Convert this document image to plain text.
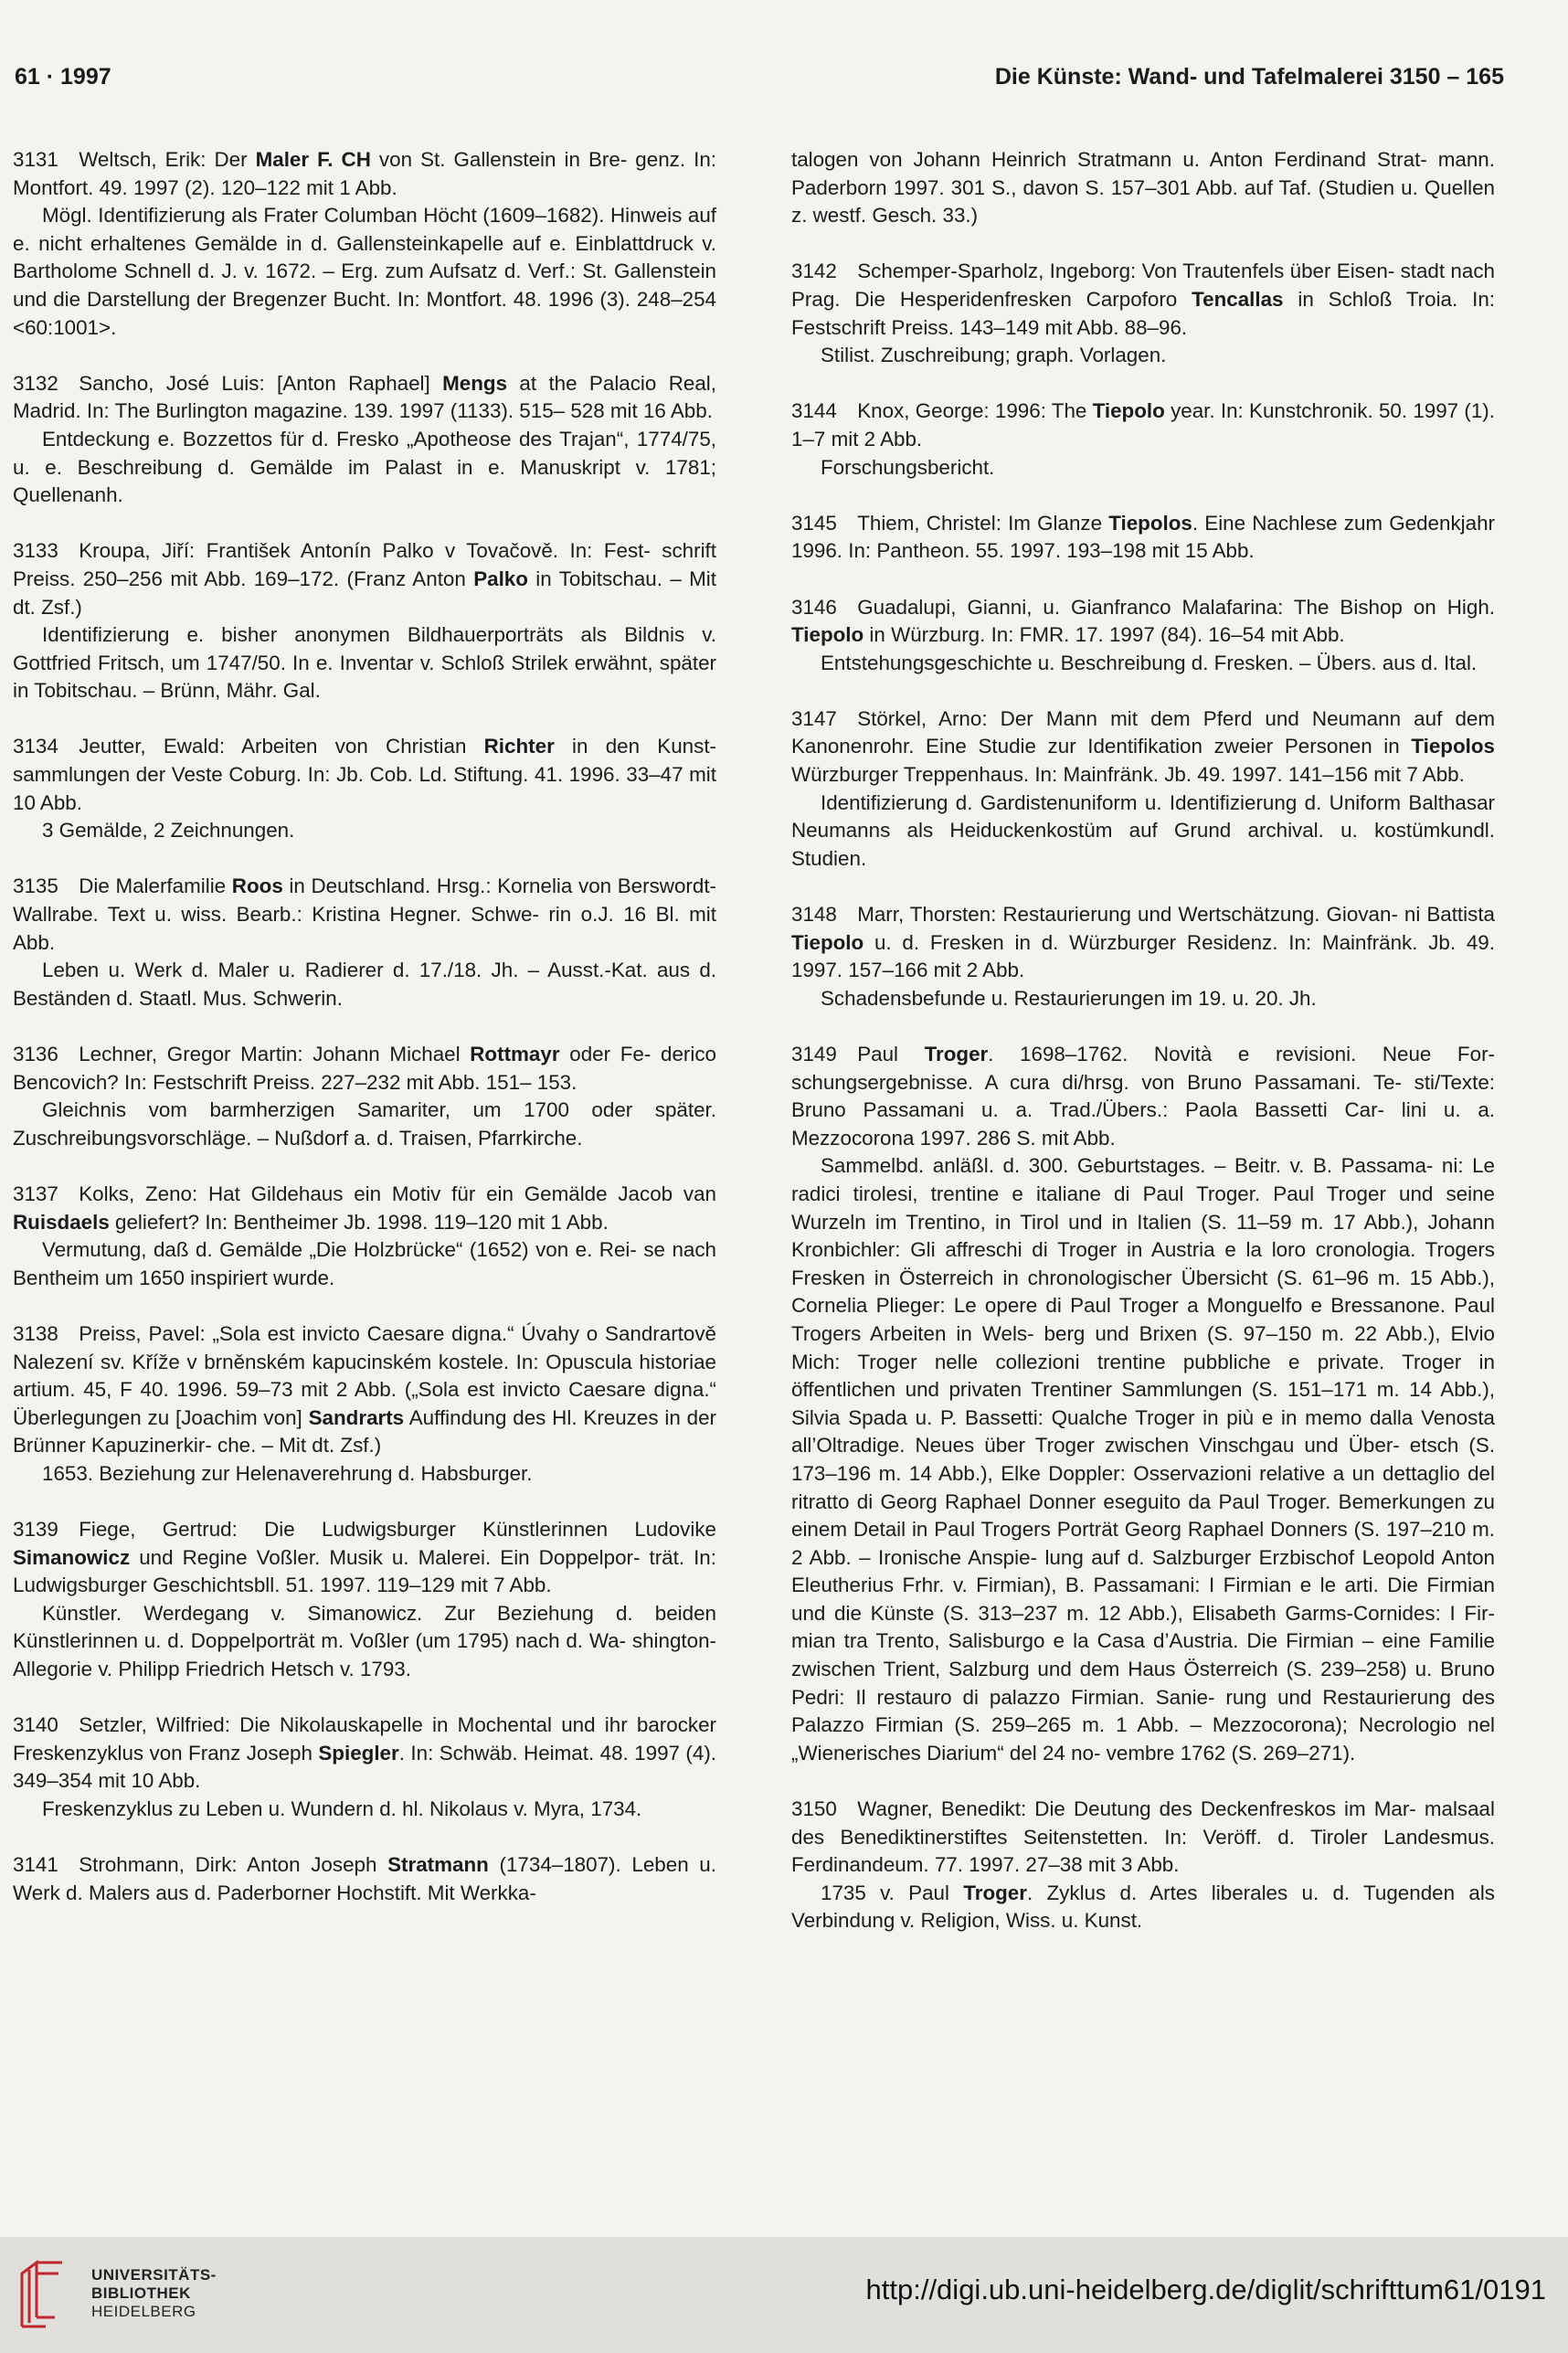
61 · 1997	Die Künste: Wand- und Tafelmalerei 3150 – 165

3131  Weltsch, Erik: Der Maler F. CH von St. Gallenstein in Bre- genz. In: Montfort. 49. 1997 (2). 120–122 mit 1 Abb.

Mögl. Identifizierung als Frater Columban Höcht (1609–1682). Hinweis auf e. nicht erhaltenes Gemälde in d. Gallensteinkapelle auf e. Einblattdruck v. Bartholome Schnell d. J. v. 1672. – Erg. zum Aufsatz d. Verf.: St. Gallenstein und die Darstellung der Bregenzer Bucht. In: Montfort. 48. 1996 (3). 248–254 <60:1001>.

3132  Sancho, José Luis: [Anton Raphael] Mengs at the Palacio Real, Madrid. In: The Burlington magazine. 139. 1997 (1133). 515– 528 mit 16 Abb.

Entdeckung e. Bozzettos für d. Fresko „Apotheose des Trajan“, 1774/75, u. e. Beschreibung d. Gemälde im Palast in e. Manuskript v. 1781; Quellenanh.

3133  Kroupa, Jiří: František Antonín Palko v Tovačově. In: Fest- schrift Preiss. 250–256 mit Abb. 169–172. (Franz Anton Palko in Tobitschau. – Mit dt. Zsf.)

Identifizierung e. bisher anonymen Bildhauerporträts als Bildnis v. Gottfried Fritsch, um 1747/50. In e. Inventar v. Schloß Strilek erwähnt, später in Tobitschau. – Brünn, Mähr. Gal.

3134  Jeutter, Ewald: Arbeiten von Christian Richter in den Kunst- sammlungen der Veste Coburg. In: Jb. Cob. Ld. Stiftung. 41. 1996. 33–47 mit 10 Abb.

3 Gemälde, 2 Zeichnungen.

3135  Die Malerfamilie Roos in Deutschland. Hrsg.: Kornelia von Berswordt-Wallrabe. Text u. wiss. Bearb.: Kristina Hegner. Schwe- rin o.J. 16 Bl. mit Abb.

Leben u. Werk d. Maler u. Radierer d. 17./18. Jh. – Ausst.-Kat. aus d. Beständen d. Staatl. Mus. Schwerin.

3136  Lechner, Gregor Martin: Johann Michael Rottmayr oder Fe- derico Bencovich? In: Festschrift Preiss. 227–232 mit Abb. 151– 153.

Gleichnis vom barmherzigen Samariter, um 1700 oder später. Zuschreibungsvorschläge. – Nußdorf a. d. Traisen, Pfarrkirche.

3137  Kolks, Zeno: Hat Gildehaus ein Motiv für ein Gemälde Jacob van Ruisdaels geliefert? In: Bentheimer Jb. 1998. 119–120 mit 1 Abb.

Vermutung, daß d. Gemälde „Die Holzbrücke“ (1652) von e. Rei- se nach Bentheim um 1650 inspiriert wurde.

3138  Preiss, Pavel: „Sola est invicto Caesare digna.“ Úvahy o Sandrartově Nalezení sv. Kříže v brněnském kapucinském kostele. In: Opuscula historiae artium. 45, F 40. 1996. 59–73 mit 2 Abb. („Sola est invicto Caesare digna.“ Überlegungen zu [Joachim von] Sandrarts Auffindung des Hl. Kreuzes in der Brünner Kapuzinerkir- che. – Mit dt. Zsf.)

1653. Beziehung zur Helenaverehrung d. Habsburger.

3139  Fiege, Gertrud: Die Ludwigsburger Künstlerinnen Ludovike Simanowicz und Regine Voßler. Musik u. Malerei. Ein Doppelpor- trät. In: Ludwigsburger Geschichtsbll. 51. 1997. 119–129 mit 7 Abb.

Künstler. Werdegang v. Simanowicz. Zur Beziehung d. beiden Künstlerinnen u. d. Doppelporträt m. Voßler (um 1795) nach d. Wa- shington-Allegorie v. Philipp Friedrich Hetsch v. 1793.

3140  Setzler, Wilfried: Die Nikolauskapelle in Mochental und ihr barocker Freskenzyklus von Franz Joseph Spiegler. In: Schwäb. Heimat. 48. 1997 (4). 349–354 mit 10 Abb.

Freskenzyklus zu Leben u. Wundern d. hl. Nikolaus v. Myra, 1734.

3141  Strohmann, Dirk: Anton Joseph Stratmann (1734–1807). Leben u. Werk d. Malers aus d. Paderborner Hochstift. Mit Werkka-

talogen von Johann Heinrich Stratmann u. Anton Ferdinand Strat- mann. Paderborn 1997. 301 S., davon S. 157–301 Abb. auf Taf. (Studien u. Quellen z. westf. Gesch. 33.)

3142  Schemper-Sparholz, Ingeborg: Von Trautenfels über Eisen- stadt nach Prag. Die Hesperidenfresken Carpoforo Tencallas in Schloß Troia. In: Festschrift Preiss. 143–149 mit Abb. 88–96.

Stilist. Zuschreibung; graph. Vorlagen.

3144  Knox, George: 1996: The Tiepolo year. In: Kunstchronik. 50. 1997 (1). 1–7 mit 2 Abb.

Forschungsbericht.

3145  Thiem, Christel: Im Glanze Tiepolos. Eine Nachlese zum Gedenkjahr 1996. In: Pantheon. 55. 1997. 193–198 mit 15 Abb.

3146  Guadalupi, Gianni, u. Gianfranco Malafarina: The Bishop on High. Tiepolo in Würzburg. In: FMR. 17. 1997 (84). 16–54 mit Abb.

Entstehungsgeschichte u. Beschreibung d. Fresken. – Übers. aus d. Ital.

3147  Störkel, Arno: Der Mann mit dem Pferd und Neumann auf dem Kanonenrohr. Eine Studie zur Identifikation zweier Personen in Tiepolos Würzburger Treppenhaus. In: Mainfränk. Jb. 49. 1997. 141–156 mit 7 Abb.

Identifizierung d. Gardistenuniform u. Identifizierung d. Uniform Balthasar Neumanns als Heiduckenkostüm auf Grund archival. u. kostümkundl. Studien.

3148  Marr, Thorsten: Restaurierung und Wertschätzung. Giovan- ni Battista Tiepolo u. d. Fresken in d. Würzburger Residenz. In: Mainfränk. Jb. 49. 1997. 157–166 mit 2 Abb.

Schadensbefunde u. Restaurierungen im 19. u. 20. Jh.

3149  Paul Troger. 1698–1762. Novità e revisioni. Neue For- schungsergebnisse. A cura di/hrsg. von Bruno Passamani. Te- sti/Texte: Bruno Passamani u. a. Trad./Übers.: Paola Bassetti Car- lini u. a. Mezzocorona 1997. 286 S. mit Abb.

Sammelbd. anläßl. d. 300. Geburtstages. – Beitr. v. B. Passama- ni: Le radici tirolesi, trentine e italiane di Paul Troger. Paul Troger und seine Wurzeln im Trentino, in Tirol und in Italien (S. 11–59 m. 17 Abb.), Johann Kronbichler: Gli affreschi di Troger in Austria e la loro cronologia. Trogers Fresken in Österreich in chronologischer Übersicht (S. 61–96 m. 15 Abb.), Cornelia Plieger: Le opere di Paul Troger a Monguelfo e Bressanone. Paul Trogers Arbeiten in Wels- berg und Brixen (S. 97–150 m. 22 Abb.), Elvio Mich: Troger nelle collezioni trentine pubbliche e private. Troger in öffentlichen und privaten Trentiner Sammlungen (S. 151–171 m. 14 Abb.), Silvia Spada u. P. Bassetti: Qualche Troger in più e in memo dalla Venosta all’Oltradige. Neues über Troger zwischen Vinschgau und Über- etsch (S. 173–196 m. 14 Abb.), Elke Doppler: Osservazioni relative a un dettaglio del ritratto di Georg Raphael Donner eseguito da Paul Troger. Bemerkungen zu einem Detail in Paul Trogers Porträt Georg Raphael Donners (S. 197–210 m. 2 Abb. – Ironische Anspie- lung auf d. Salzburger Erzbischof Leopold Anton Eleutherius Frhr. v. Firmian), B. Passamani: I Firmian e le arti. Die Firmian und die Künste (S. 313–237 m. 12 Abb.), Elisabeth Garms-Cornides: I Fir- mian tra Trento, Salisburgo e la Casa d’Austria. Die Firmian – eine Familie zwischen Trient, Salzburg und dem Haus Österreich (S. 239–258) u. Bruno Pedri: Il restauro di palazzo Firmian. Sanie- rung und Restaurierung des Palazzo Firmian (S. 259–265 m. 1 Abb. – Mezzocorona); Necrologio nel „Wienerisches Diarium“ del 24 no- vembre 1762 (S. 269–271).

3150  Wagner, Benedikt: Die Deutung des Deckenfreskos im Mar- malsaal des Benediktinerstiftes Seitenstetten. In: Veröff. d. Tiroler Landesmus. Ferdinandeum. 77. 1997. 27–38 mit 3 Abb.

1735 v. Paul Troger. Zyklus d. Artes liberales u. d. Tugenden als Verbindung v. Religion, Wiss. u. Kunst.

UNIVERSITÄTS-
BIBLIOTHEK
HEIDELBERG
http://digi.ub.uni-heidelberg.de/diglit/schrifttum61/0191
